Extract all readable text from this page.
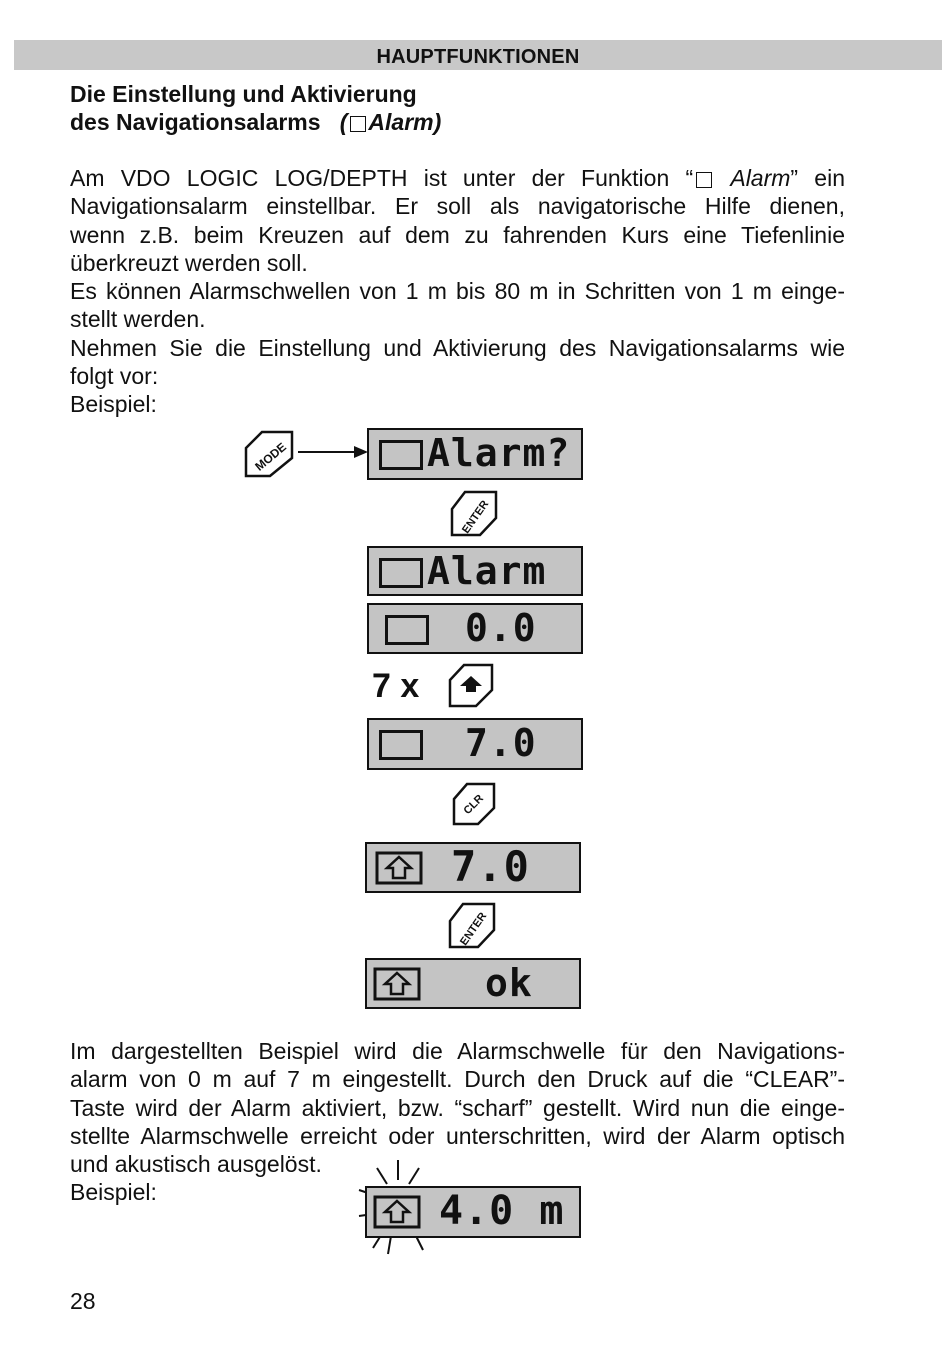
HAUPTFUNKTIONEN
Die Einstellung und Aktivierung
des Navigationsalarms   ( Alarm)
Am VDO LOGIC LOG/DEPTH ist unter der Funktion “ Alarm” ein
Navigationsalarm einstellbar. Er soll als navigatorische Hilfe dienen,
wenn z.B. beim Kreuzen auf dem zu fahrenden Kurs eine Tiefenlinie
überkreuzt werden soll.
Es können Alarmschwellen von 1 m bis 80 m in Schritten von 1 m einge-
stellt werden.
Nehmen Sie die Einstellung und Aktivierung des Navigationsalarms wie
folgt vor:
Beispiel:
MODE	Alarm?
ENTER
Alarm
0.0
7 x
7.0
CLR
7.0
ENTER
ok
Im dargestellten Beispiel wird die Alarmschwelle für den Navigations-
alarm von 0 m auf 7 m eingestellt. Durch den Druck auf die “CLEAR”-
Taste wird der Alarm aktiviert, bzw. “scharf” gestellt. Wird nun die einge-
stellte Alarmschwelle erreicht oder unterschritten, wird der Alarm optisch
und akustisch ausgelöst.
Beispiel:	4.0 m
28
